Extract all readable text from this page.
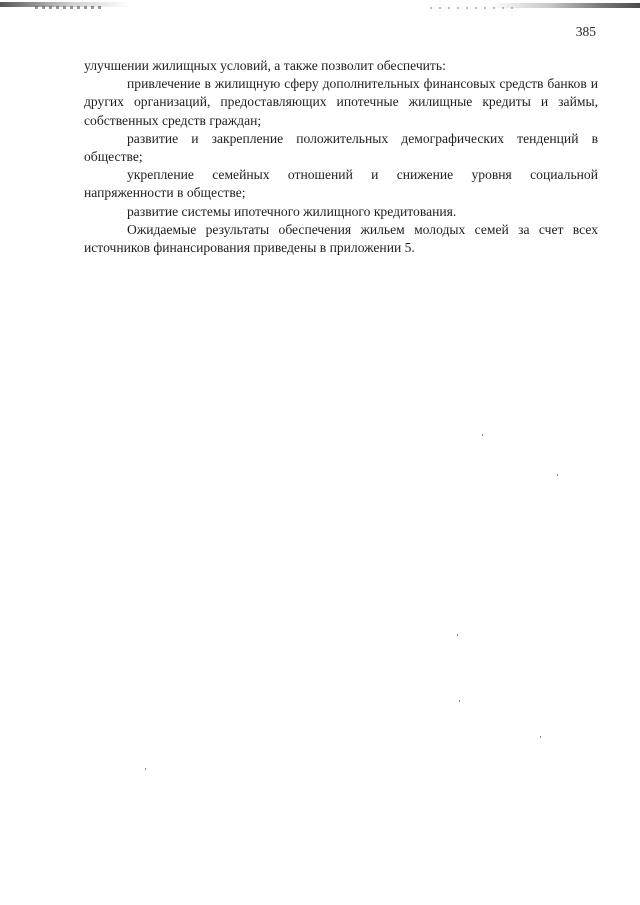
385

улучшении жилищных условий, а также позволит обеспечить:

привлечение в жилищную сферу дополнительных финансовых средств банков и других организаций, предоставляющих ипотечные жилищные кредиты и займы, собственных средств граждан;

развитие и закрепление положительных демографических тенденций в обществе;

укрепление семейных отношений и снижение уровня социальной напряженности в обществе;

развитие системы ипотечного жилищного кредитования.

Ожидаемые результаты обеспечения жильем молодых семей за счет всех источников финансирования приведены в приложении 5.
